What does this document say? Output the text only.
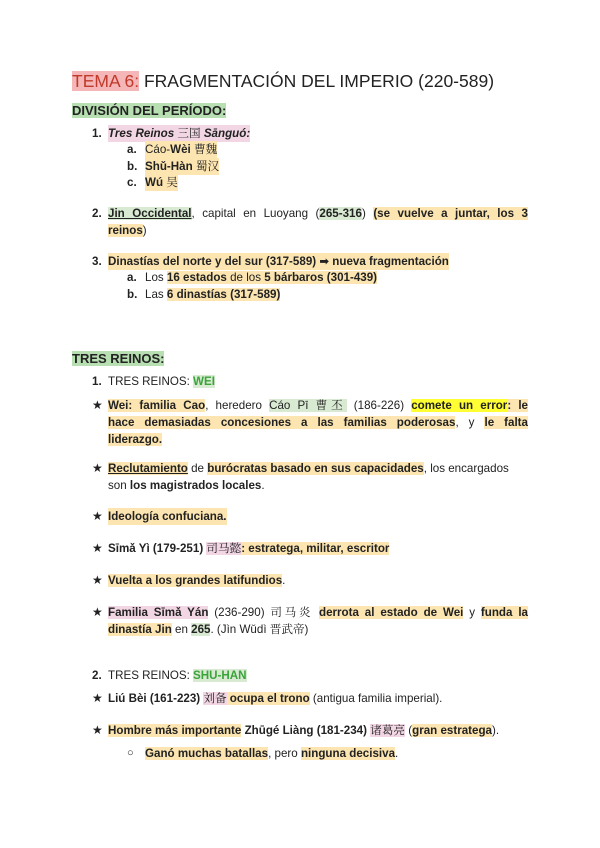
TEMA 6: FRAGMENTACIÓN DEL IMPERIO (220-589)
DIVISIÓN DEL PERÍODO:
1. Tres Reinos 三国 Sānguó:
a. Cáo-Wèi 曹魏
b. Shǔ-Hàn 蜀汉
c. Wú 吴
2. Jin Occidental, capital en Luoyang (265-316) (se vuelve a juntar, los 3
reinos)
3. Dinastías del norte y del sur (317-589) ➡ nueva fragmentación
a. Los 16 estados de los 5 bárbaros (301-439)
b. Las 6 dinastías (317-589)
TRES REINOS:
1. TRES REINOS: WEI
★ Wei: familia Cao, heredero Cáo Pī 曹丕 (186-226) comete un error: le
hace demasiadas concesiones a las familias poderosas, y le falta
liderazgo.
★ Reclutamiento de burócratas basado en sus capacidades, los encargados
son los magistrados locales.
★ Ideología confuciana.
★ Sīmǎ Yì (179-251) 司马懿: estratega, militar, escritor
★ Vuelta a los grandes latifundios.
★ Familia Sīmǎ Yán (236-290) 司马炎 derrota al estado de Wei y funda la
dinastía Jin en 265. (Jìn Wǔdì 晋武帝)
2. TRES REINOS: SHU-HAN
★ Liú Bèi (161-223) 刘备 ocupa el trono (antigua familia imperial).
★ Hombre más importante Zhūgé Liàng (181-234) 诸葛亮 (gran estratega).
○ Ganó muchas batallas, pero ninguna decisiva.
